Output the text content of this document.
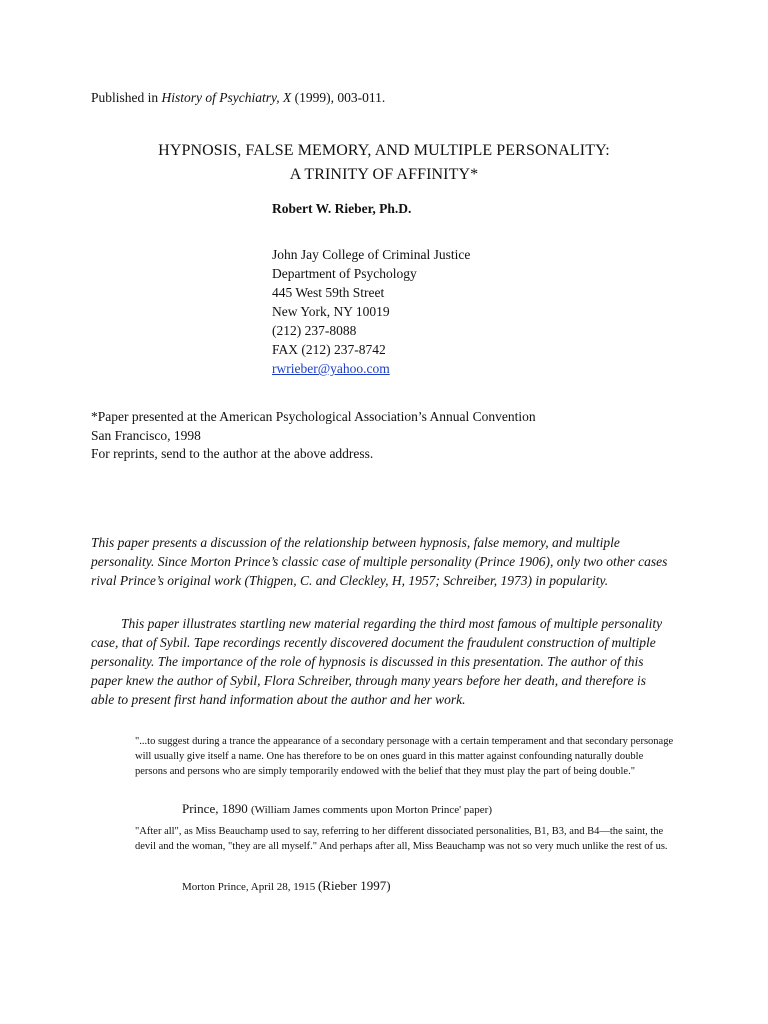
Published in History of Psychiatry, X (1999), 003-011.
HYPNOSIS, FALSE MEMORY, AND MULTIPLE PERSONALITY:
A TRINITY OF AFFINITY*
Robert W. Rieber, Ph.D.
John Jay College of Criminal Justice
Department of Psychology
445 West 59th Street
New York, NY 10019
(212) 237-8088
FAX (212) 237-8742
rwrieber@yahoo.com
*Paper presented at the American Psychological Association’s Annual Convention
San Francisco, 1998
For reprints, send to the author at the above address.

This paper presents a discussion of the relationship between hypnosis, false memory, and multiple personality. Since Morton Prince’s classic case of multiple personality (Prince 1906), only two other cases rival Prince’s original work (Thigpen, C. and Cleckley, H, 1957; Schreiber, 1973) in popularity.

This paper illustrates startling new material regarding the third most famous of multiple personality case, that of Sybil. Tape recordings recently discovered document the fraudulent construction of multiple personality. The importance of the role of hypnosis is discussed in this presentation. The author of this paper knew the author of Sybil, Flora Schreiber, through many years before her death, and therefore is able to present first hand information about the author and her work.

"...to suggest during a trance the appearance of a secondary personage with a certain temperament and that secondary personage will usually give itself a name. One has therefore to be on ones guard in this matter against confounding naturally double persons and persons who are simply temporarily endowed with the belief that they must play the part of being double."
Prince, 1890 (William James comments upon Morton Prince' paper)
"After all", as Miss Beauchamp used to say, referring to her different dissociated personalities, B1, B3, and B4—the saint, the devil and the woman, "they are all myself." And perhaps after all, Miss Beauchamp was not so very much unlike the rest of us.
Morton Prince, April 28, 1915 (Rieber 1997)
